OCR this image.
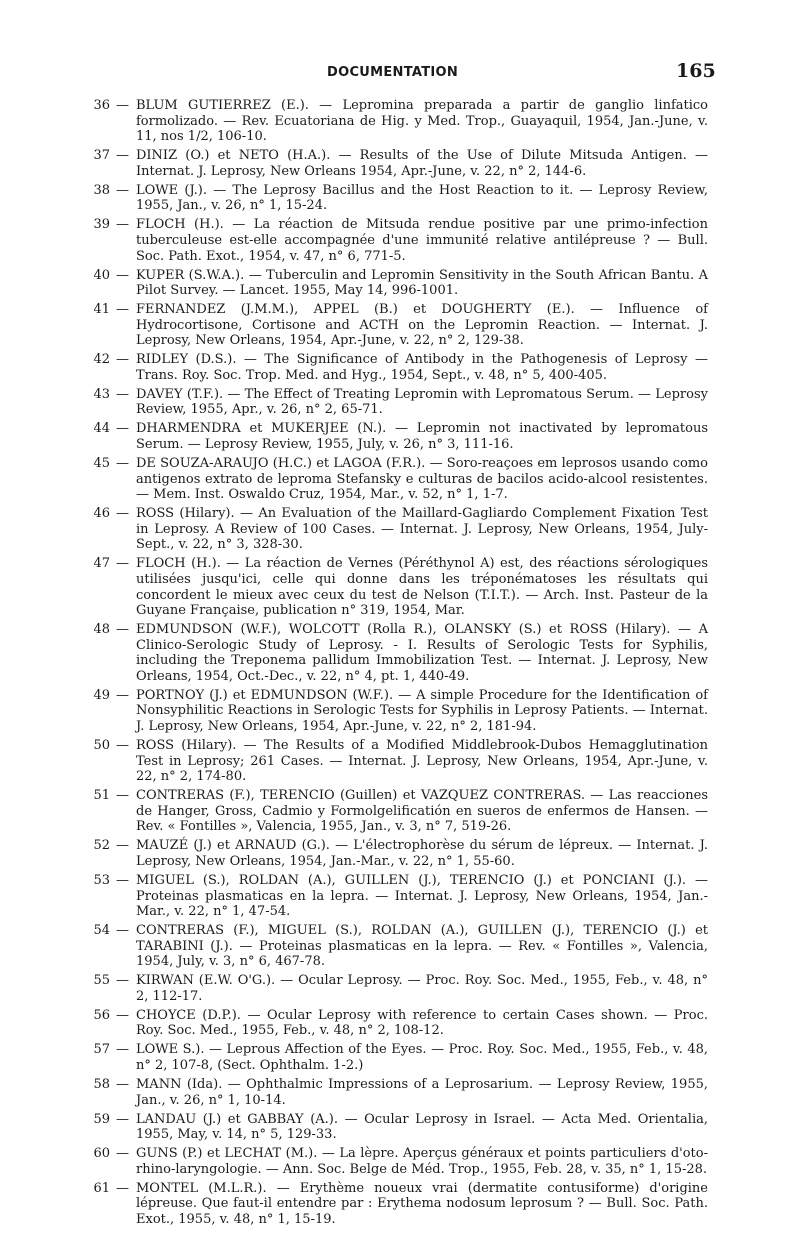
DOCUMENTATION	165
36 — BLUM GUTIERREZ (E.). — Lepromina preparada a partir de ganglio linfatico formolizado. — Rev. Ecuatoriana de Hig. y Med. Trop., Guayaquil, 1954, Jan.-June, v. 11, nos 1/2, 106-10.
37 — DINIZ (O.) et NETO (H.A.). — Results of the Use of Dilute Mitsuda Antigen. — Internat. J. Leprosy, New Orleans 1954, Apr.-June, v. 22, n° 2, 144-6.
38 — LOWE (J.). — The Leprosy Bacillus and the Host Reaction to it. — Leprosy Review, 1955, Jan., v. 26, n° 1, 15-24.
39 — FLOCH (H.). — La réaction de Mitsuda rendue positive par une primo-infection tuberculeuse est-elle accompagnée d'une immunité relative antilépreuse ? — Bull. Soc. Path. Exot., 1954, v. 47, n° 6, 771-5.
40 — KUPER (S.W.A.). — Tuberculin and Lepromin Sensitivity in the South African Bantu. A Pilot Survey. — Lancet. 1955, May 14, 996-1001.
41 — FERNANDEZ (J.M.M.), APPEL (B.) et DOUGHERTY (E.). — Influence of Hydrocortisone, Cortisone and ACTH on the Lepromin Reaction. — Internat. J. Leprosy, New Orleans, 1954, Apr.-June, v. 22, n° 2, 129-38.
42 — RIDLEY (D.S.). — The Significance of Antibody in the Pathogenesis of Leprosy — Trans. Roy. Soc. Trop. Med. and Hyg., 1954, Sept., v. 48, n° 5, 400-405.
43 — DAVEY (T.F.). — The Effect of Treating Lepromin with Lepromatous Serum. — Leprosy Review, 1955, Apr., v. 26, n° 2, 65-71.
44 — DHARMENDRA et MUKERJEE (N.). — Lepromin not inactivated by lepromatous Serum. — Leprosy Review, 1955, July, v. 26, n° 3, 111-16.
45 — DE SOUZA-ARAUJO (H.C.) et LAGOA (F.R.). — Soro-reaçoes em leprosos usando como antigenos extrato de leproma Stefansky e culturas de bacilos acido-alcool resistentes. — Mem. Inst. Oswaldo Cruz, 1954, Mar., v. 52, n° 1, 1-7.
46 — ROSS (Hilary). — An Evaluation of the Maillard-Gagliardo Complement Fixation Test in Leprosy. A Review of 100 Cases. — Internat. J. Leprosy, New Orleans, 1954, July-Sept., v. 22, n° 3, 328-30.
47 — FLOCH (H.). — La réaction de Vernes (Péréthynol A) est, des réactions sérologiques utilisées jusqu'ici, celle qui donne dans les tréponématoses les résultats qui concordent le mieux avec ceux du test de Nelson (T.I.T.). — Arch. Inst. Pasteur de la Guyane Française, publication n° 319, 1954, Mar.
48 — EDMUNDSON (W.F.), WOLCOTT (Rolla R.), OLANSKY (S.) et ROSS (Hilary). — A Clinico-Serologic Study of Leprosy. - I. Results of Serologic Tests for Syphilis, including the Treponema pallidum Immobilization Test. — Internat. J. Leprosy, New Orleans, 1954, Oct.-Dec., v. 22, n° 4, pt. 1, 440-49.
49 — PORTNOY (J.) et EDMUNDSON (W.F.). — A simple Procedure for the Identification of Nonsyphilitic Reactions in Serologic Tests for Syphilis in Leprosy Patients. — Internat. J. Leprosy, New Orleans, 1954, Apr.-June, v. 22, n° 2, 181-94.
50 — ROSS (Hilary). — The Results of a Modified Middlebrook-Dubos Hemagglutination Test in Leprosy; 261 Cases. — Internat. J. Leprosy, New Orleans, 1954, Apr.-June, v. 22, n° 2, 174-80.
51 — CONTRERAS (F.), TERENCIO (Guillen) et VAZQUEZ CONTRERAS. — Las reacciones de Hanger, Gross, Cadmio y Formolgelificatión en sueros de enfermos de Hansen. — Rev. « Fontilles », Valencia, 1955, Jan., v. 3, n° 7, 519-26.
52 — MAUZÉ (J.) et ARNAUD (G.). — L'électrophorèse du sérum de lépreux. — Internat. J. Leprosy, New Orleans, 1954, Jan.-Mar., v. 22, n° 1, 55-60.
53 — MIGUEL (S.), ROLDAN (A.), GUILLEN (J.), TERENCIO (J.) et PONCIANI (J.). — Proteinas plasmaticas en la lepra. — Internat. J. Leprosy, New Orleans, 1954, Jan.-Mar., v. 22, n° 1, 47-54.
54 — CONTRERAS (F.), MIGUEL (S.), ROLDAN (A.), GUILLEN (J.), TERENCIO (J.) et TARABINI (J.). — Proteinas plasmaticas en la lepra. — Rev. « Fontilles », Valencia, 1954, July, v. 3, n° 6, 467-78.
55 — KIRWAN (E.W. O'G.). — Ocular Leprosy. — Proc. Roy. Soc. Med., 1955, Feb., v. 48, n° 2, 112-17.
56 — CHOYCE (D.P.). — Ocular Leprosy with reference to certain Cases shown. — Proc. Roy. Soc. Med., 1955, Feb., v. 48, n° 2, 108-12.
57 — LOWE S.). — Leprous Affection of the Eyes. — Proc. Roy. Soc. Med., 1955, Feb., v. 48, n° 2, 107-8, (Sect. Ophthalm. 1-2.)
58 — MANN (Ida). — Ophthalmic Impressions of a Leprosarium. — Leprosy Review, 1955, Jan., v. 26, n° 1, 10-14.
59 — LANDAU (J.) et GABBAY (A.). — Ocular Leprosy in Israel. — Acta Med. Orientalia, 1955, May, v. 14, n° 5, 129-33.
60 — GUNS (P.) et LECHAT (M.). — La lèpre. Aperçus généraux et points particuliers d'oto-rhino-laryngologie. — Ann. Soc. Belge de Méd. Trop., 1955, Feb. 28, v. 35, n° 1, 15-28.
61 — MONTEL (M.L.R.). — Erythème noueux vrai (dermatite contusiforme) d'origine lépreuse. Que faut-il entendre par : Erythema nodosum leprosum ? — Bull. Soc. Path. Exot., 1955, v. 48, n° 1, 15-19.
